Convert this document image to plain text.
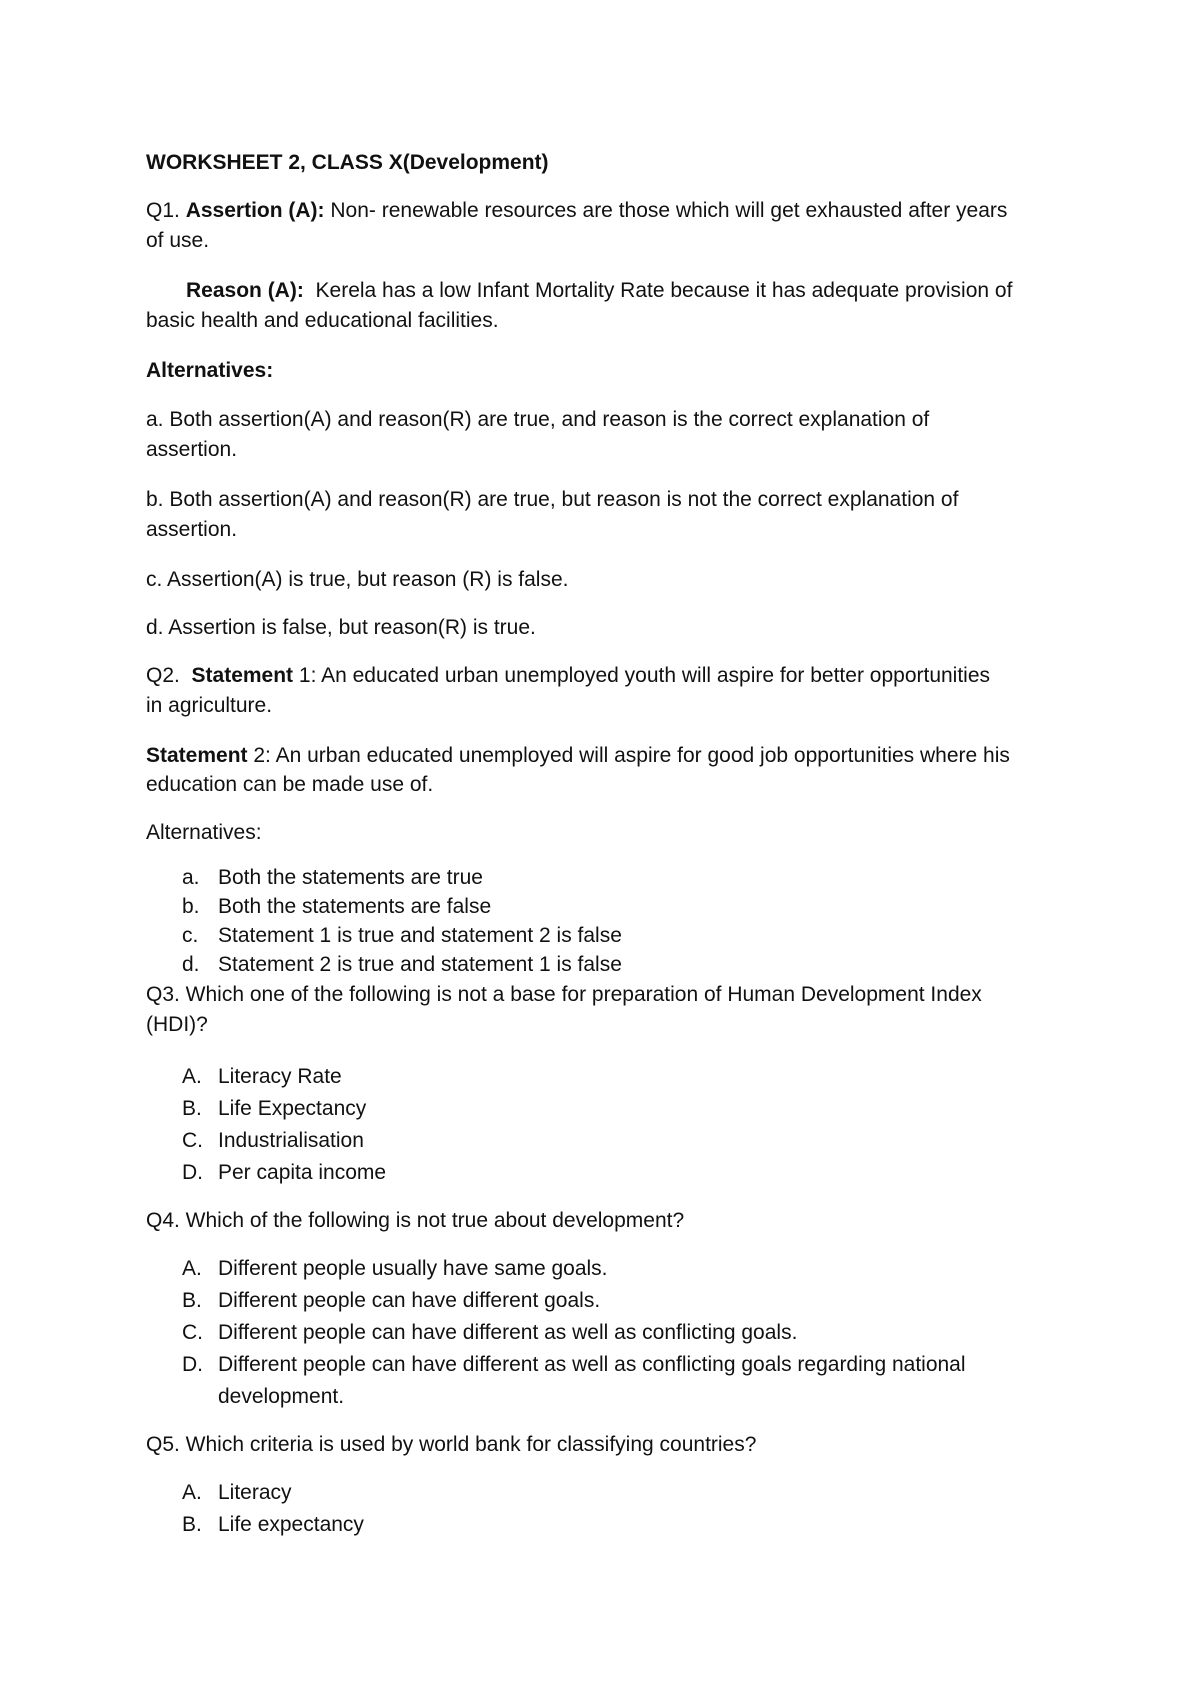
WORKSHEET 2, CLASS X(Development)
Q1. Assertion (A): Non- renewable resources are those which will get exhausted after years
of use.
Reason (A): Kerela has a low Infant Mortality Rate because it has adequate provision of
basic health and educational facilities.
Alternatives:
a. Both assertion(A) and reason(R) are true, and reason is the correct explanation of
assertion.
b. Both assertion(A) and reason(R) are true, but reason is not the correct explanation of
assertion.
c. Assertion(A) is true, but reason (R) is false.
d. Assertion is false, but reason(R) is true.
Q2. Statement 1: An educated urban unemployed youth will aspire for better opportunities
in agriculture.
Statement 2: An urban educated unemployed will aspire for good job opportunities where his
education can be made use of.
Alternatives:
a. Both the statements are true
b. Both the statements are false
c. Statement 1 is true and statement 2 is false
d. Statement 2 is true and statement 1 is false
Q3. Which one of the following is not a base for preparation of Human Development Index
(HDI)?
A. Literacy Rate
B. Life Expectancy
C. Industrialisation
D. Per capita income
Q4. Which of the following is not true about development?
A. Different people usually have same goals.
B. Different people can have different goals.
C. Different people can have different as well as conflicting goals.
D. Different people can have different as well as conflicting goals regarding national
development.
Q5. Which criteria is used by world bank for classifying countries?
A. Literacy
B. Life expectancy
